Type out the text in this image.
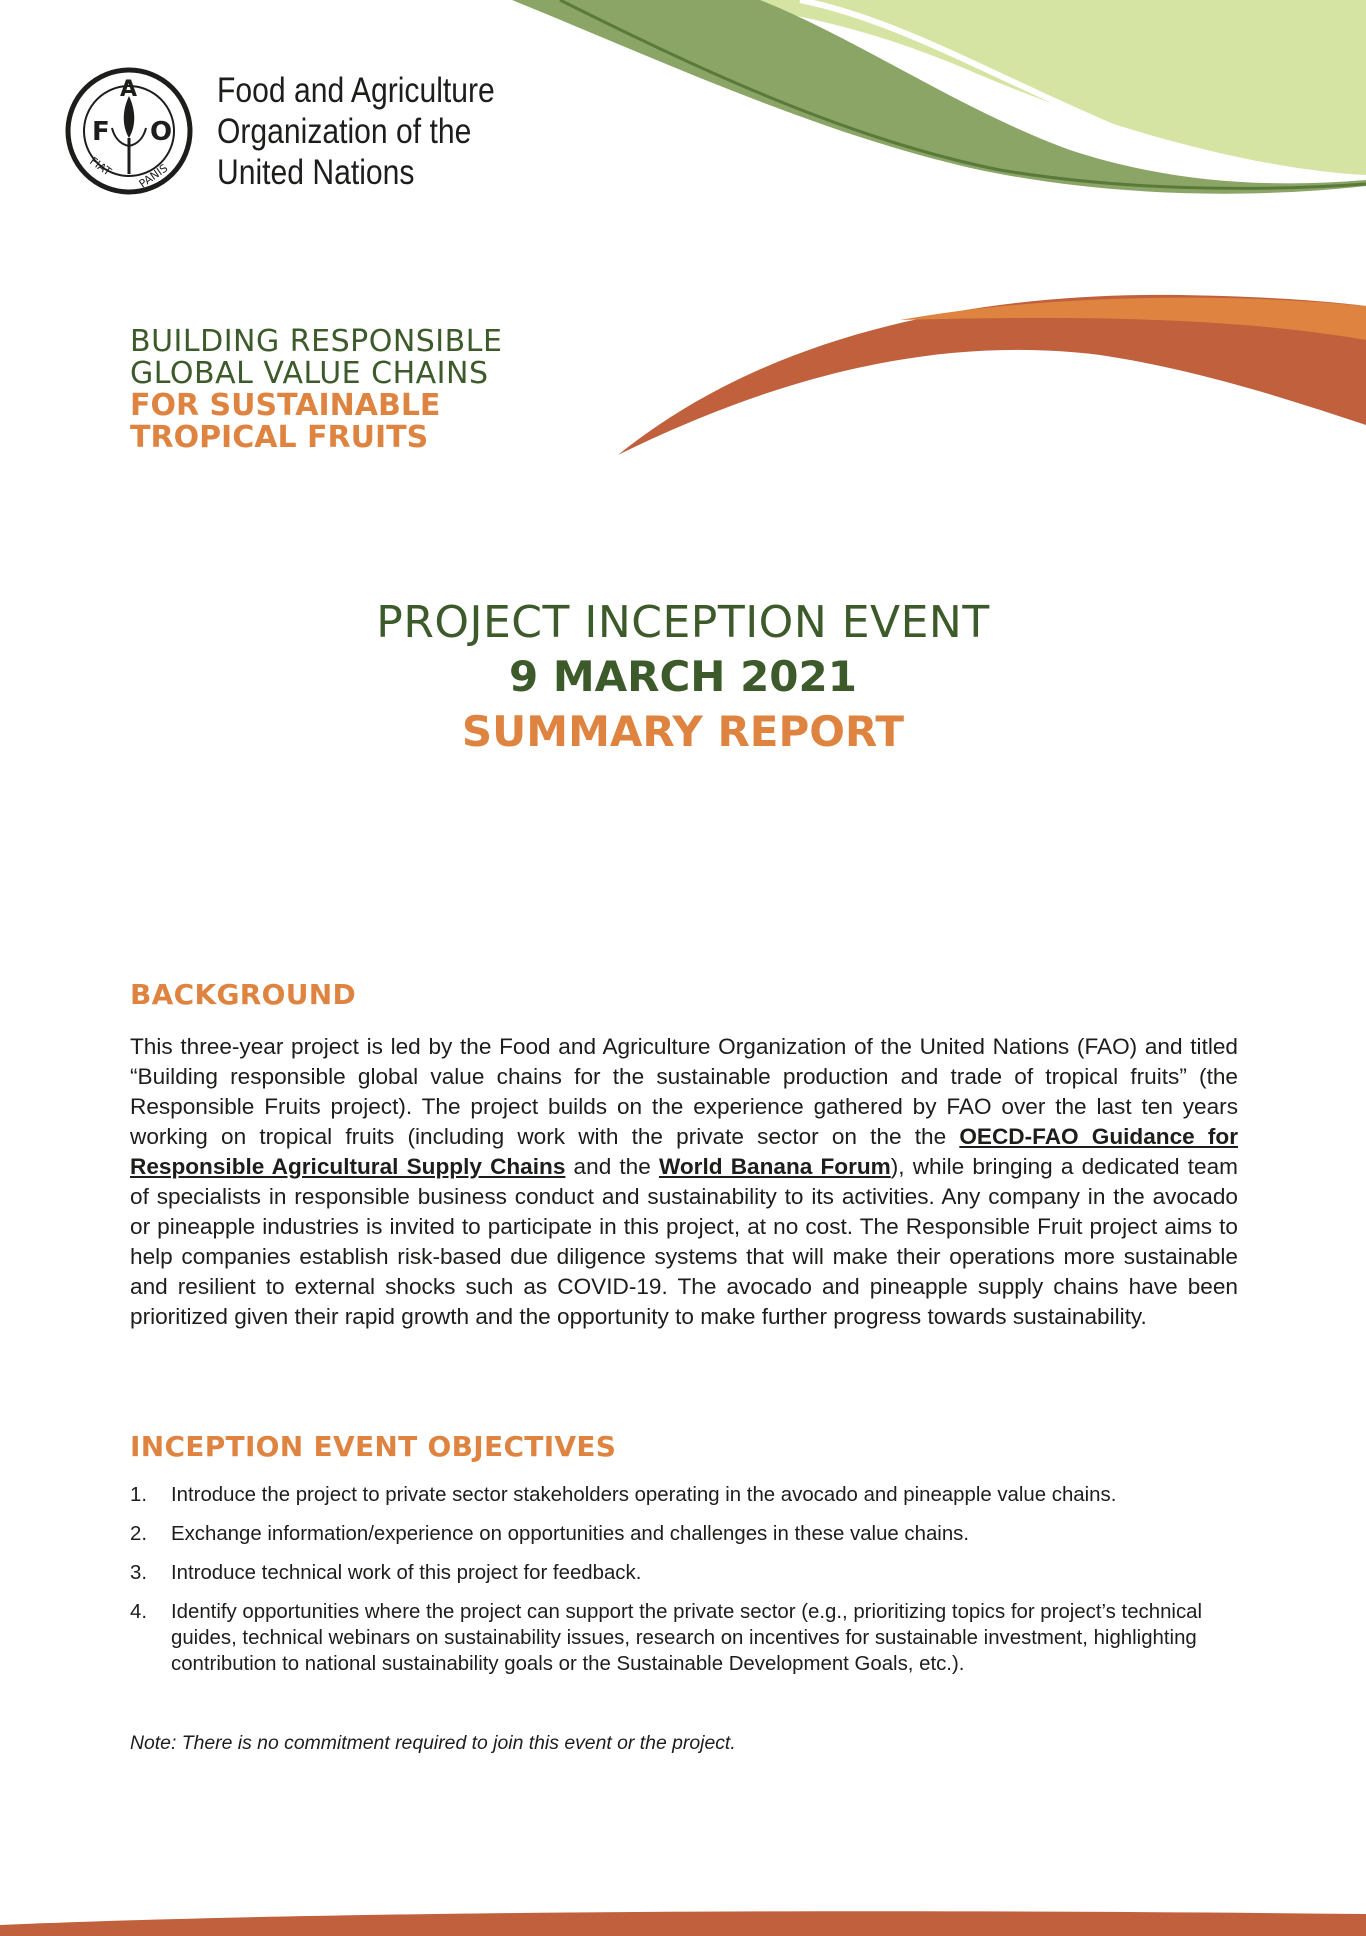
F
A
O
FIAT PANIS
Food and Agriculture
Organization of the
United Nations
BUILDING RESPONSIBLE
GLOBAL VALUE CHAINS
FOR SUSTAINABLE
TROPICAL FRUITS
PROJECT INCEPTION EVENT
9 MARCH 2021
SUMMARY REPORT
BACKGROUND

This three-year project is led by the Food and Agriculture Organization of the United Nations (FAO) and titled “Building responsible global value chains for the sustainable production and trade of tropical fruits” (the Responsible Fruits project). The project builds on the experience gathered by FAO over the last ten years working on tropical fruits (including work with the private sector on the the OECD-FAO Guidance for Responsible Agricultural Supply Chains and the World Banana Forum), while bringing a dedicated team of specialists in responsible business conduct and sustainability to its activities. Any company in the avocado or pineapple industries is invited to participate in this project, at no cost. The Responsible Fruit project aims to help companies establish risk-based due diligence systems that will make their operations more sustainable and resilient to external shocks such as COVID-19. The avocado and pineapple supply chains have been prioritized given their rapid growth and the opportunity to make further progress towards sustainability.

INCEPTION EVENT OBJECTIVES
1. Introduce the project to private sector stakeholders operating in the avocado and pineapple value chains.
2. Exchange information/experience on opportunities and challenges in these value chains.
3. Introduce technical work of this project for feedback.
4. Identify opportunities where the project can support the private sector (e.g., prioritizing topics for project’s technical guides, technical webinars on sustainability issues, research on incentives for sustainable investment, highlighting contribution to national sustainability goals or the Sustainable Development Goals, etc.).
Note: There is no commitment required to join this event or the project.
